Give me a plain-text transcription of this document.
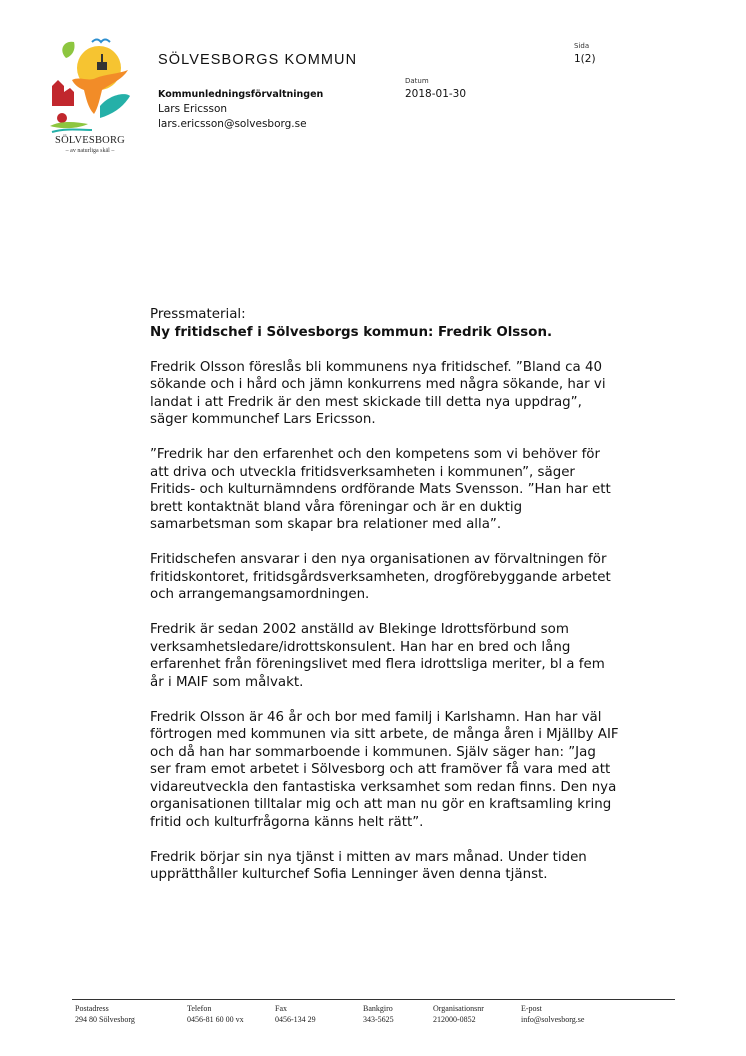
SÖLVESBORG
– av naturliga skäl –
SÖLVESBORGS KOMMUN
Sida
1(2)
Datum
2018-01-30
Kommunledningsförvaltningen
Lars Ericsson
lars.ericsson@solvesborg.se

Pressmaterial:

Ny fritidschef i Sölvesborgs kommun: Fredrik Olsson.

Fredrik Olsson föreslås bli kommunens nya fritidschef. ”Bland ca 40 sökande och i hård och jämn konkurrens med några sökande, har vi landat i att Fredrik är den mest skickade till detta nya uppdrag”, säger kommunchef Lars Ericsson.

”Fredrik har den erfarenhet och den kompetens som vi behöver för att driva och utveckla fritidsverksamheten i kommunen”, säger Fritids- och kulturnämndens ordförande Mats Svensson. ”Han har ett brett kontaktnät bland våra föreningar och är en duktig samarbetsman som skapar bra relationer med alla”.

Fritidschefen ansvarar i den nya organisationen av förvaltningen för fritidskontoret, fritidsgårdsverksamheten, drogförebyggande arbetet och arrangemangsamordningen.

Fredrik är sedan 2002 anställd av Blekinge Idrottsförbund som verksamhetsledare/idrottskonsulent. Han har en bred och lång erfarenhet från föreningslivet med flera idrottsliga meriter, bl a fem år i MAIF som målvakt.

Fredrik Olsson är 46 år och bor med familj i Karlshamn. Han har väl förtrogen med kommunen via sitt arbete, de många åren i Mjällby AIF och då han har sommarboende i kommunen. Själv säger han: ”Jag ser fram emot arbetet i Sölvesborg och att framöver få vara med att vidareutveckla den fantastiska verksamhet som redan finns. Den nya organisationen tilltalar mig och att man nu gör en kraftsamling kring fritid och kulturfrågorna känns helt rätt”.

Fredrik börjar sin nya tjänst i mitten av mars månad. Under tiden upprätthåller kulturchef Sofia Lenninger även denna tjänst.

Postadress
294 80 Sölvesborg
Telefon
0456-81 60 00 vx
Fax
0456-134 29
Bankgiro
343-5625
Organisationsnr
212000-0852
E-post
info@solvesborg.se
